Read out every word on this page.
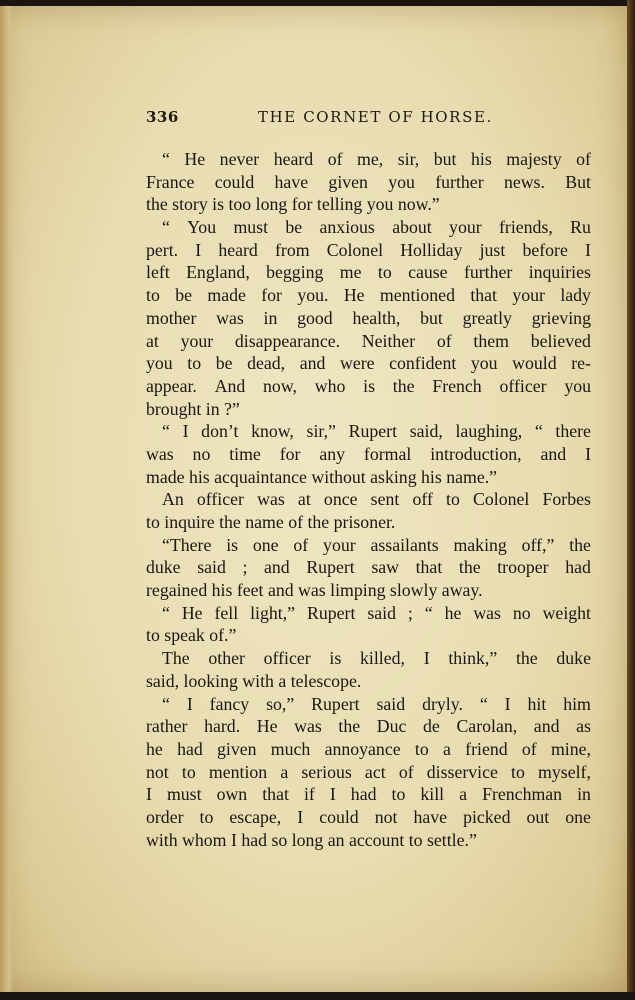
336	THE CORNET OF HORSE.
“ He never heard of me, sir, but his majesty of
France could have given you further news. But
the story is too long for telling you now.”
“ You must be anxious about your friends, Ru
pert. I heard from Colonel Holliday just before I
left England, begging me to cause further inquiries
to be made for you. He mentioned that your lady
mother was in good health, but greatly grieving
at your disappearance. Neither of them believed
you to be dead, and were confident you would re-
appear. And now, who is the French officer you
brought in ?”
“ I don’t know, sir,” Rupert said, laughing, “ there
was no time for any formal introduction, and I
made his acquaintance without asking his name.”
An officer was at once sent off to Colonel Forbes
to inquire the name of the prisoner.
“There is one of your assailants making off,” the
duke said ; and Rupert saw that the trooper had
regained his feet and was limping slowly away.
“ He fell light,” Rupert said ; “ he was no weight
to speak of.”
The other officer is killed, I think,” the duke
said, looking with a telescope.
“ I fancy so,” Rupert said dryly. “ I hit him
rather hard. He was the Duc de Carolan, and as
he had given much annoyance to a friend of mine,
not to mention a serious act of disservice to myself,
I must own that if I had to kill a Frenchman in
order to escape, I could not have picked out one
with whom I had so long an account to settle.”
